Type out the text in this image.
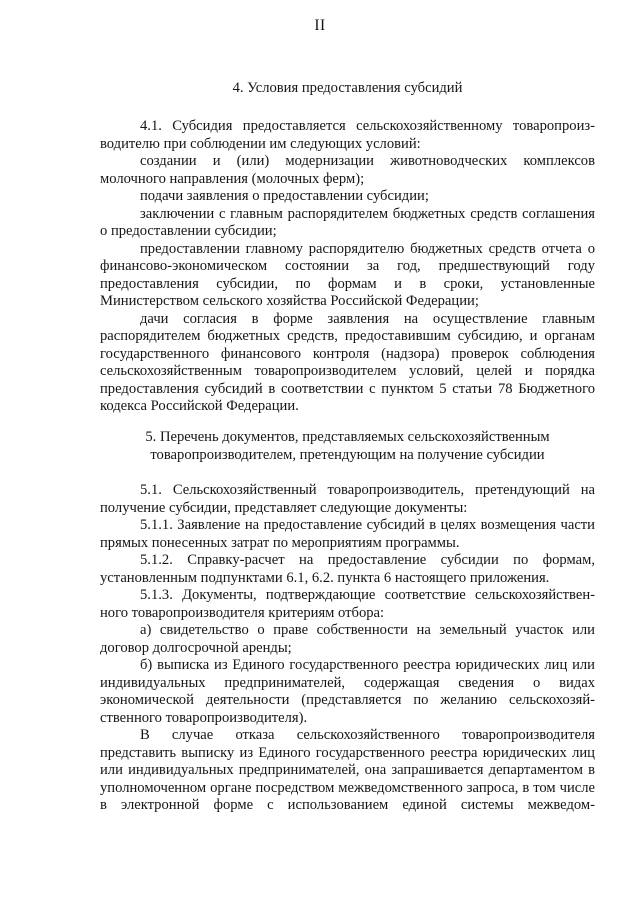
II
4. Условия предоставления субсидий

4.1. Субсидия предоставляется сельскохозяйственному товаропроиз-водителю при соблюдении им следующих условий:

создании и (или) модернизации животноводческих комплексов молочного направления (молочных ферм);

подачи заявления о предоставлении субсидии;

заключении с главным распорядителем бюджетных средств соглашения о предоставлении субсидии;

предоставлении главному распорядителю бюджетных средств отчета о финансово-экономическом состоянии за год, предшествующий году предоставления субсидии, по формам и в сроки, установленные Министерством сельского хозяйства Российской Федерации;

дачи согласия в форме заявления на осуществление главным распорядителем бюджетных средств, предоставившим субсидию, и органам государственного финансового контроля (надзора) проверок соблюдения сельскохозяйственным товаропроизводителем условий, целей и порядка предоставления субсидий в соответствии с пунктом 5 статьи 78 Бюджетного кодекса Российской Федерации.

5. Перечень документов, представляемых сельскохозяйственным
товаропроизводителем, претендующим на получение субсидии

5.1. Сельскохозяйственный товаропроизводитель, претендующий на получение субсидии, представляет следующие документы:

5.1.1. Заявление на предоставление субсидий в целях возмещения части прямых понесенных затрат по мероприятиям программы.

5.1.2. Справку-расчет на предоставление субсидии по формам, установленным подпунктами 6.1, 6.2. пункта 6 настоящего приложения.

5.1.3. Документы, подтверждающие соответствие сельскохозяйствен-ного товаропроизводителя критериям отбора:

а) свидетельство о праве собственности на земельный участок или договор долгосрочной аренды;

б) выписка из Единого государственного реестра юридических лиц или индивидуальных предпринимателей, содержащая сведения о видах экономической деятельности (представляется по желанию сельскохозяй-ственного товаропроизводителя).

В случае отказа сельскохозяйственного товаропроизводителя представить выписку из Единого государственного реестра юридических лиц или индивидуальных предпринимателей, она запрашивается департаментом в уполномоченном органе посредством межведомственного запроса, в том числе в электронной форме с использованием единой системы межведом-
